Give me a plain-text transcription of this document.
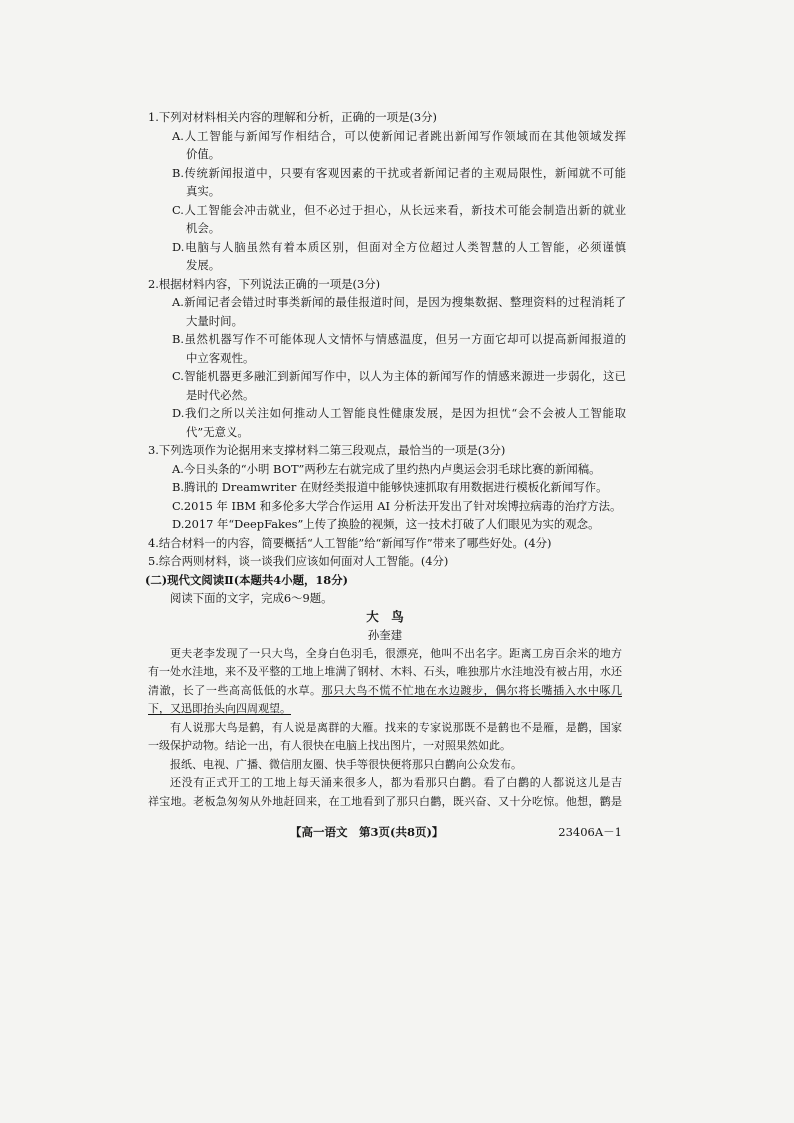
1.下列对材料相关内容的理解和分析，正确的一项是(3分)
A.人工智能与新闻写作相结合，可以使新闻记者跳出新闻写作领域而在其他领域发挥
价值。
B.传统新闻报道中，只要有客观因素的干扰或者新闻记者的主观局限性，新闻就不可能
真实。
C.人工智能会冲击就业，但不必过于担心，从长远来看，新技术可能会制造出新的就业
机会。
D.电脑与人脑虽然有着本质区别，但面对全方位超过人类智慧的人工智能，必须谨慎
发展。
2.根据材料内容，下列说法正确的一项是(3分)
A.新闻记者会错过时事类新闻的最佳报道时间，是因为搜集数据、整理资料的过程消耗了
大量时间。
B.虽然机器写作不可能体现人文情怀与情感温度，但另一方面它却可以提高新闻报道的
中立客观性。
C.智能机器更多融汇到新闻写作中，以人为主体的新闻写作的情感来源进一步弱化，这已
是时代必然。
D.我们之所以关注如何推动人工智能良性健康发展，是因为担忧“会不会被人工智能取
代”无意义。
3.下列选项作为论据用来支撑材料二第三段观点，最恰当的一项是(3分)
A.今日头条的“小明 BOT”两秒左右就完成了里约热内卢奥运会羽毛球比赛的新闻稿。
B.腾讯的 Dreamwriter 在财经类报道中能够快速抓取有用数据进行模板化新闻写作。
C.2015 年 IBM 和多伦多大学合作运用 AI 分析法开发出了针对埃博拉病毒的治疗方法。
D.2017 年“DeepFakes”上传了换脸的视频，这一技术打破了人们眼见为实的观念。
4.结合材料一的内容，简要概括“人工智能”给“新闻写作”带来了哪些好处。(4分)
5.综合两则材料，谈一谈我们应该如何面对人工智能。(4分)
(二)现代文阅读Ⅱ(本题共4小题，18分)
阅读下面的文字，完成6～9题。
大　鸟
孙奎建
更夫老李发现了一只大鸟，全身白色羽毛，很漂亮，他叫不出名字。距离工房百余米的地方
有一处水洼地，来不及平整的工地上堆满了钢材、木料、石头，唯独那片水洼地没有被占用，水还
清澈，长了一些高高低低的水草。那只大鸟不慌不忙地在水边踱步，偶尔将长嘴插入水中啄几
下，又迅即抬头向四周观望。
有人说那大鸟是鹤，有人说是离群的大雁。找来的专家说那既不是鹤也不是雁，是鹳，国家
一级保护动物。结论一出，有人很快在电脑上找出图片，一对照果然如此。
报纸、电视、广播、微信朋友圈、快手等很快便将那只白鹳向公众发布。
还没有正式开工的工地上每天涌来很多人，都为看那只白鹳。看了白鹳的人都说这儿是吉
祥宝地。老板急匆匆从外地赶回来，在工地看到了那只白鹳，既兴奋、又十分吃惊。他想，鹳是
【高一语文　第3页(共8页)】	23406A－1
